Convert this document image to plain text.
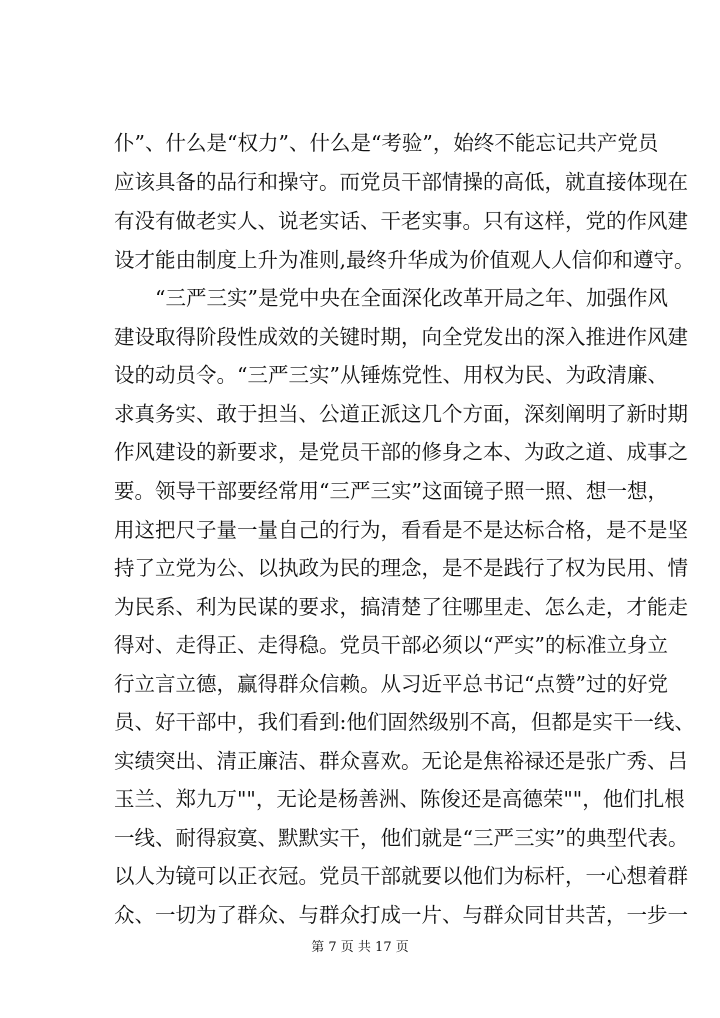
仆”、什么是“权力”、什么是“考验”，始终不能忘记共产党员
应该具备的品行和操守。而党员干部情操的高低，就直接体现在
有没有做老实人、说老实话、干老实事。只有这样，党的作风建
设才能由制度上升为准则,最终升华成为价值观人人信仰和遵守。
“三严三实”是党中央在全面深化改革开局之年、加强作风
建设取得阶段性成效的关键时期，向全党发出的深入推进作风建
设的动员令。“三严三实”从锤炼党性、用权为民、为政清廉、
求真务实、敢于担当、公道正派这几个方面，深刻阐明了新时期
作风建设的新要求，是党员干部的修身之本、为政之道、成事之
要。领导干部要经常用“三严三实”这面镜子照一照、想一想，
用这把尺子量一量自己的行为，看看是不是达标合格，是不是坚
持了立党为公、以执政为民的理念，是不是践行了权为民用、情
为民系、利为民谋的要求，搞清楚了往哪里走、怎么走，才能走
得对、走得正、走得稳。党员干部必须以“严实”的标准立身立
行立言立德，赢得群众信赖。从习近平总书记“点赞”过的好党
员、好干部中，我们看到:他们固然级别不高，但都是实干一线、
实绩突出、清正廉洁、群众喜欢。无论是焦裕禄还是张广秀、吕
玉兰、郑九万""，无论是杨善洲、陈俊还是高德荣""，他们扎根
一线、耐得寂寞、默默实干，他们就是“三严三实”的典型代表。
以人为镜可以正衣冠。党员干部就要以他们为标杆，一心想着群
众、一切为了群众、与群众打成一片、与群众同甘共苦，一步一
第 7 页 共 17 页
